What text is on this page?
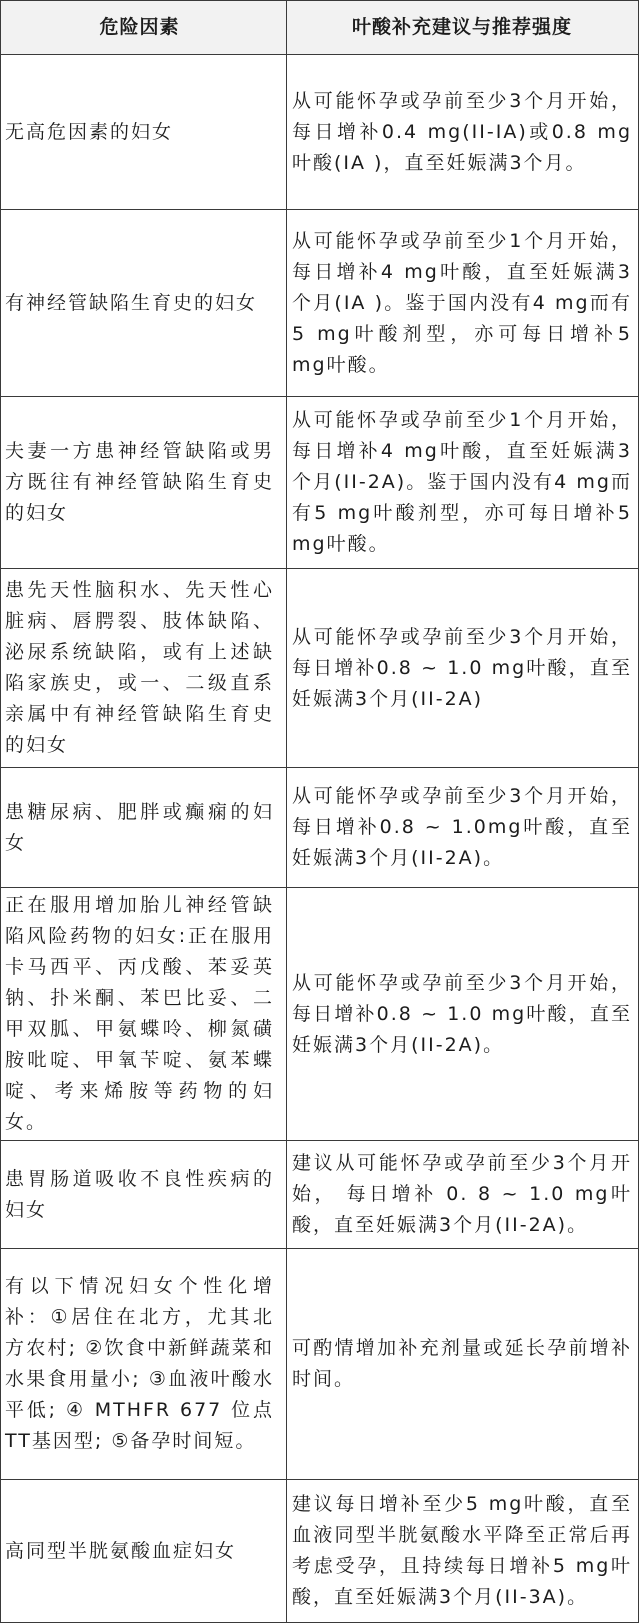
危险因素	叶酸补充建议与推荐强度
无高危因素的妇女
从可能怀孕或孕前至少3个月开始，每日增补0.4 mg(II-IA)或0.8 mg叶酸(IA )，直至妊娠满3个月。
有神经管缺陷生育史的妇女
从可能怀孕或孕前至少1个月开始，每日增补4 mg叶酸，直至妊娠满3个月(IA )。鉴于国内没有4 mg而有5 mg叶酸剂型，亦可每日增补5 mg叶酸。
夫妻一方患神经管缺陷或男方既往有神经管缺陷生育史的妇女
从可能怀孕或孕前至少1个月开始，每日增补4 mg叶酸，直至妊娠满3个月(II-2A)。鉴于国内没有4 mg而有5 mg叶酸剂型，亦可每日增补5 mg叶酸。
患先天性脑积水、先天性心脏病、唇腭裂、肢体缺陷、泌尿系统缺陷，或有上述缺陷家族史，或一、二级直系亲属中有神经管缺陷生育史的妇女
从可能怀孕或孕前至少3个月开始，每日增补0.8 ~ 1.0 mg叶酸，直至妊娠满3个月(II-2A)
患糖尿病、肥胖或癫痫的妇女
从可能怀孕或孕前至少3个月开始，每日增补0.8 ~ 1.0mg叶酸，直至妊娠满3个月(II-2A)。
正在服用增加胎儿神经管缺陷风险药物的妇女:正在服用卡马西平、丙戊酸、苯妥英钠、扑米酮、苯巴比妥、二甲双胍、甲氨蝶呤、柳氮磺胺吡啶、甲氧苄啶、氨苯蝶啶、考来烯胺等药物的妇女。
从可能怀孕或孕前至少3个月开始，每日增补0.8 ~ 1.0 mg叶酸，直至妊娠满3个月(II-2A)。
患胃肠道吸收不良性疾病的妇女
建议从可能怀孕或孕前至少3个月开始， 每日增补 0. 8 ~ 1.0 mg叶酸，直至妊娠满3个月(II-2A)。
有以下情况妇女个性化增补：①居住在北方，尤其北方农村; ②饮食中新鲜蔬菜和水果食用量小; ③血液叶酸水平低; ④ MTHFR 677 位点TT基因型; ⑤备孕时间短。
可酌情增加补充剂量或延长孕前增补时间。
高同型半胱氨酸血症妇女
建议每日增补至少5 mg叶酸，直至血液同型半胱氨酸水平降至正常后再考虑受孕，且持续每日增补5 mg叶酸，直至妊娠满3个月(II-3A)。
